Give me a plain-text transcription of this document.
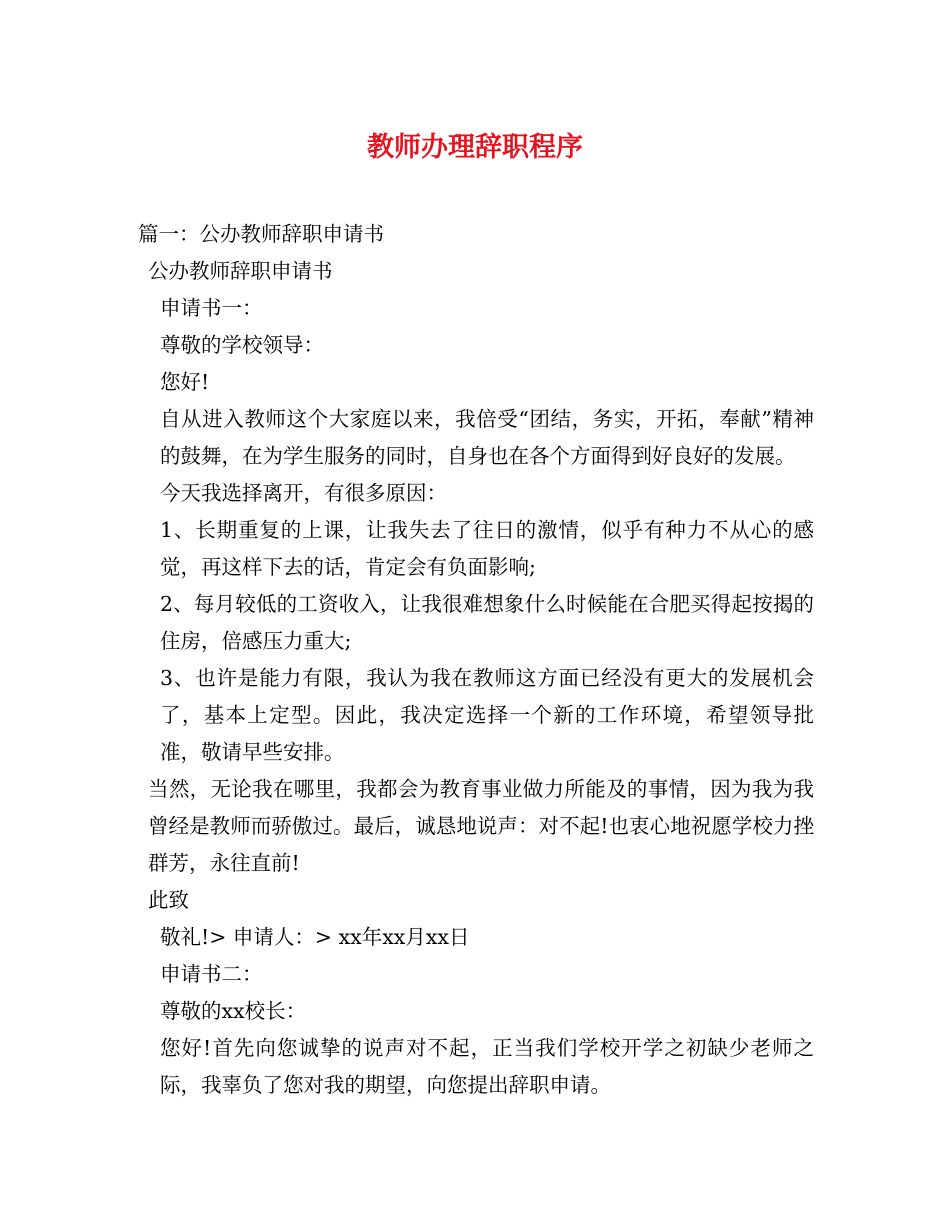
教师办理辞职程序

篇一：公办教师辞职申请书

公办教师辞职申请书

申请书一：

尊敬的学校领导：

您好!

自从进入教师这个大家庭以来，我倍受“团结，务实，开拓，奉献”精神的鼓舞，在为学生服务的同时，自身也在各个方面得到好良好的发展。

今天我选择离开，有很多原因：

1、长期重复的上课，让我失去了往日的激情，似乎有种力不从心的感觉，再这样下去的话，肯定会有负面影响;

2、每月较低的工资收入，让我很难想象什么时候能在合肥买得起按揭的住房，倍感压力重大;

3、也许是能力有限，我认为我在教师这方面已经没有更大的发展机会了，基本上定型。因此，我决定选择一个新的工作环境，希望领导批准，敬请早些安排。

当然，无论我在哪里，我都会为教育事业做力所能及的事情，因为我为我曾经是教师而骄傲过。最后，诚恳地说声：对不起!也衷心地祝愿学校力挫群芳，永往直前!

此致

敬礼!> 申请人：> xx年xx月xx日

申请书二：

尊敬的xx校长：

您好!首先向您诚挚的说声对不起，正当我们学校开学之初缺少老师之际，我辜负了您对我的期望，向您提出辞职申请。
